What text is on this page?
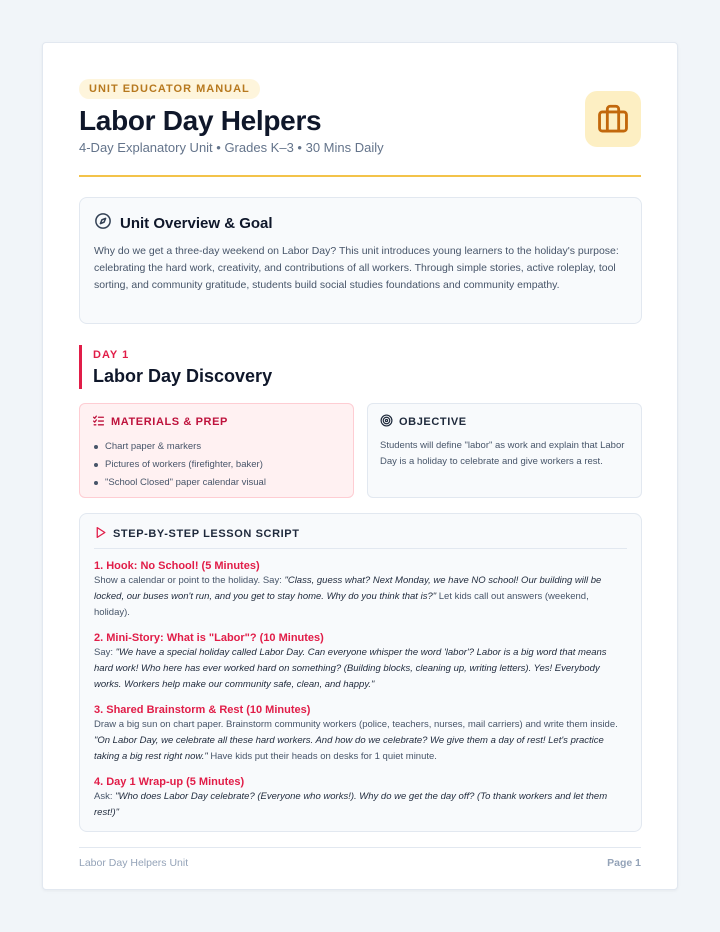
UNIT EDUCATOR MANUAL
Labor Day Helpers
4-Day Explanatory Unit • Grades K–3 • 30 Mins Daily
Unit Overview & Goal

Why do we get a three-day weekend on Labor Day? This unit introduces young learners to the holiday's purpose: celebrating the hard work, creativity, and contributions of all workers. Through simple stories, active roleplay, tool sorting, and community gratitude, students build social studies foundations and community empathy.

DAY 1
Labor Day Discovery
MATERIALS & PREP
Chart paper & markers
Pictures of workers (firefighter, baker)
"School Closed" paper calendar visual
OBJECTIVE

Students will define "labor" as work and explain that Labor Day is a holiday to celebrate and give workers a rest.

STEP-BY-STEP LESSON SCRIPT
1. Hook: No School! (5 Minutes)

Show a calendar or point to the holiday. Say: "Class, guess what? Next Monday, we have NO school! Our building will be locked, our buses won't run, and you get to stay home. Why do you think that is?" Let kids call out answers (weekend, holiday).

2. Mini-Story: What is "Labor"? (10 Minutes)

Say: "We have a special holiday called Labor Day. Can everyone whisper the word 'labor'? Labor is a big word that means hard work! Who here has ever worked hard on something? (Building blocks, cleaning up, writing letters). Yes! Everybody works. Workers help make our community safe, clean, and happy."

3. Shared Brainstorm & Rest (10 Minutes)

Draw a big sun on chart paper. Brainstorm community workers (police, teachers, nurses, mail carriers) and write them inside. "On Labor Day, we celebrate all these hard workers. And how do we celebrate? We give them a day of rest! Let's practice taking a big rest right now." Have kids put their heads on desks for 1 quiet minute.

4. Day 1 Wrap-up (5 Minutes)

Ask: "Who does Labor Day celebrate? (Everyone who works!). Why do we get the day off? (To thank workers and let them rest!)"

Labor Day Helpers Unit	Page 1
